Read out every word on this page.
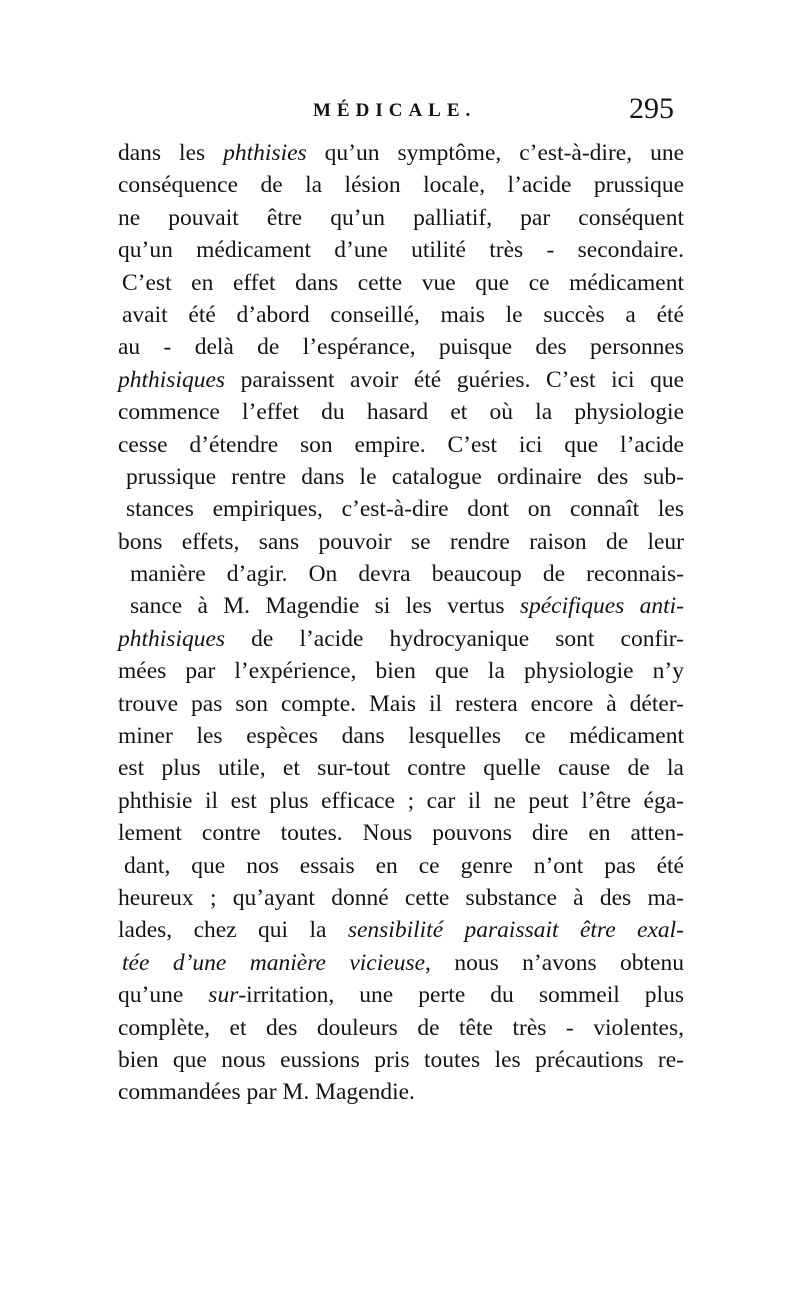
MÉDICALE.	295
dans les phthisies qu’un symptôme, c’est-à-dire, une
conséquence de la lésion locale, l’acide prussique
ne pouvait être qu’un palliatif, par conséquent
qu’un médicament d’une utilité très - secondaire.
C’est en effet dans cette vue que ce médicament
avait été d’abord conseillé, mais le succès a été
au - delà de l’espérance, puisque des personnes
phthisiques paraissent avoir été guéries. C’est ici que
commence l’effet du hasard et où la physiologie
cesse d’étendre son empire. C’est ici que l’acide
prussique rentre dans le catalogue ordinaire des sub-
stances empiriques, c’est-à-dire dont on connaît les
bons effets, sans pouvoir se rendre raison de leur
manière d’agir. On devra beaucoup de reconnais-
sance à M. Magendie si les vertus spécifiques anti-
phthisiques de l’acide hydrocyanique sont confir-
mées par l’expérience, bien que la physiologie n’y
trouve pas son compte. Mais il restera encore à déter-
miner les espèces dans lesquelles ce médicament
est plus utile, et sur-tout contre quelle cause de la
phthisie il est plus efficace ; car il ne peut l’être éga-
lement contre toutes. Nous pouvons dire en atten-
dant, que nos essais en ce genre n’ont pas été
heureux ; qu’ayant donné cette substance à des ma-
lades, chez qui la sensibilité paraissait être exal-
tée d’une manière vicieuse, nous n’avons obtenu
qu’une sur-irritation, une perte du sommeil plus
complète, et des douleurs de tête très - violentes,
bien que nous eussions pris toutes les précautions re-
commandées par M. Magendie.
